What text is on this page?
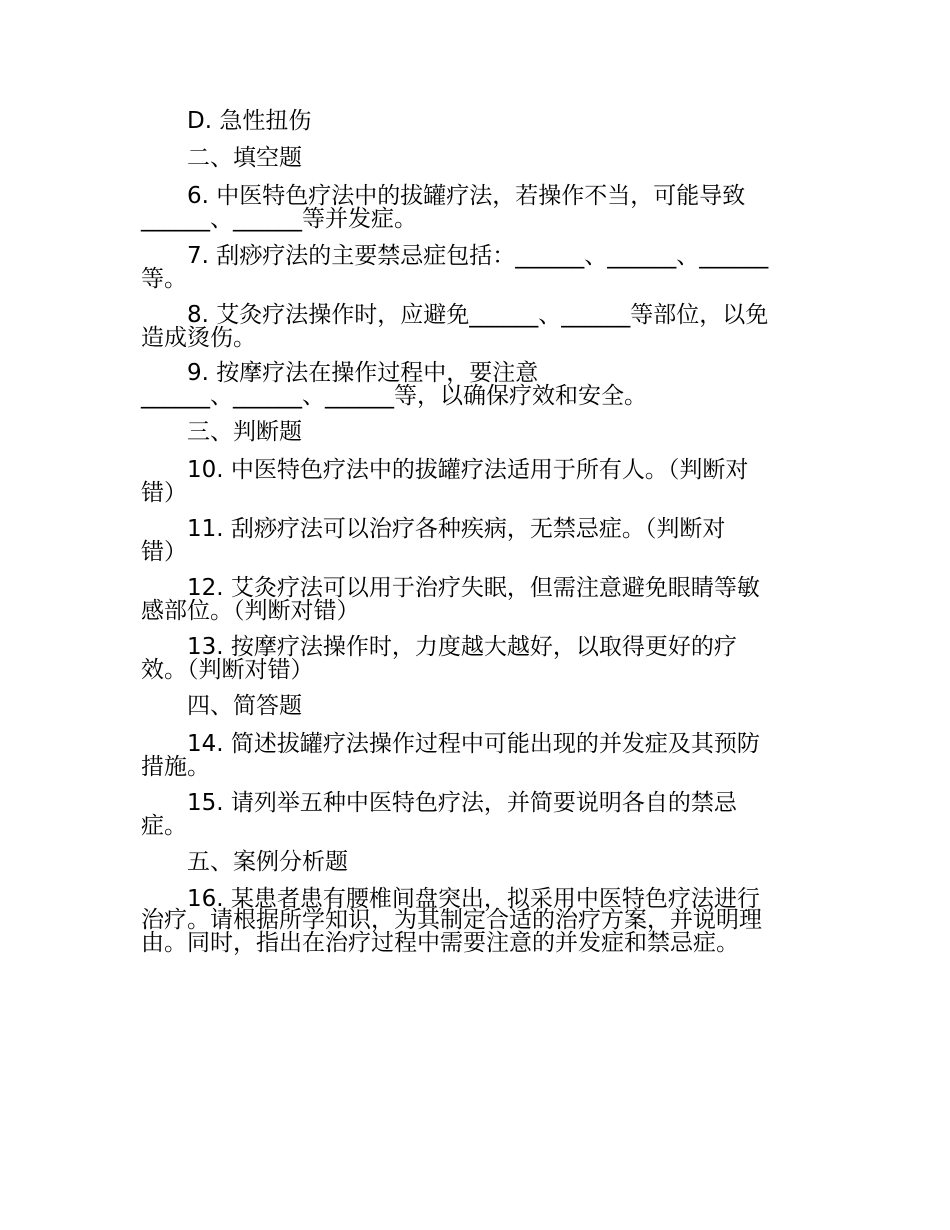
D. 急性扭伤

二、填空题

6. 中医特色疗法中的拔罐疗法，若操作不当，可能导致

______、______等并发症。

7. 刮痧疗法的主要禁忌症包括：______、______、______

等。

8. 艾灸疗法操作时，应避免______、______等部位，以免

造成烫伤。

9. 按摩疗法在操作过程中，要注意

______、______、______等，以确保疗效和安全。

三、判断题

10. 中医特色疗法中的拔罐疗法适用于所有人。（判断对

错）

11. 刮痧疗法可以治疗各种疾病，无禁忌症。（判断对

错）

12. 艾灸疗法可以用于治疗失眠，但需注意避免眼睛等敏

感部位。（判断对错）

13. 按摩疗法操作时，力度越大越好，以取得更好的疗

效。（判断对错）

四、简答题

14. 简述拔罐疗法操作过程中可能出现的并发症及其预防

措施。

15. 请列举五种中医特色疗法，并简要说明各自的禁忌

症。

五、案例分析题

16. 某患者患有腰椎间盘突出，拟采用中医特色疗法进行

治疗。请根据所学知识，为其制定合适的治疗方案，并说明理

由。同时，指出在治疗过程中需要注意的并发症和禁忌症。
